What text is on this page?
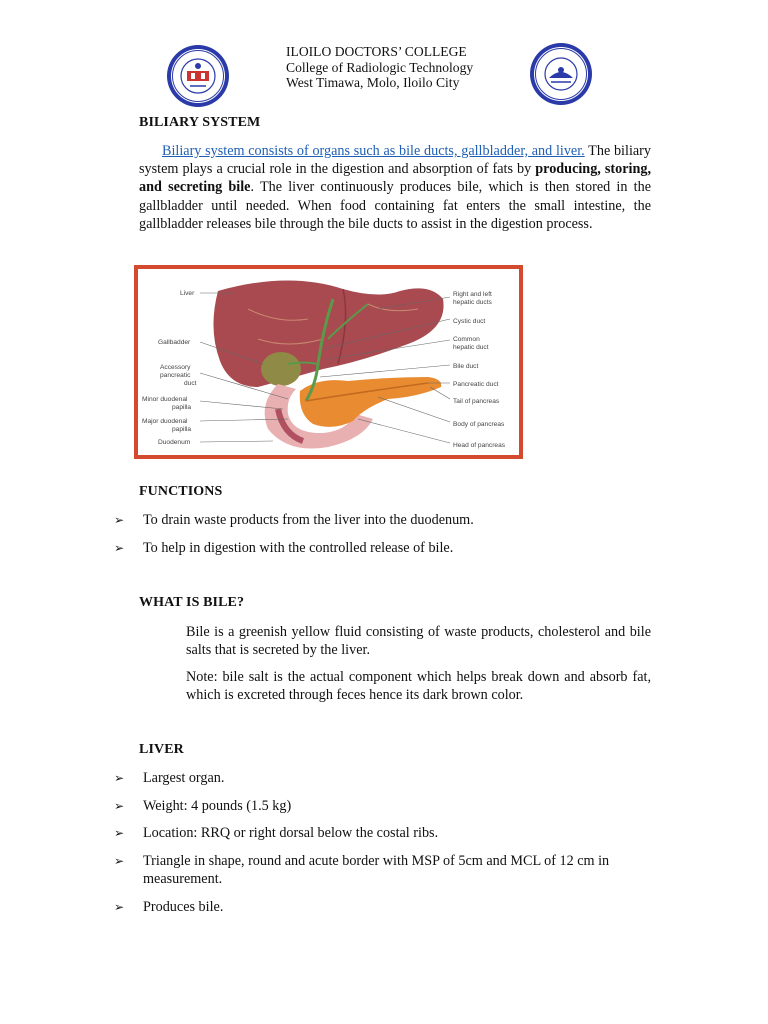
ILOILO DOCTORS’ COLLEGE
College of Radiologic Technology
West Timawa, Molo, Iloilo City
BILIARY SYSTEM
Biliary system consists of organs such as bile ducts, gallbladder, and liver. The biliary system plays a crucial role in the digestion and absorption of fats by producing, storing, and secreting bile. The liver continuously produces bile, which is then stored in the gallbladder until needed. When food containing fat enters the small intestine, the gallbladder releases bile through the bile ducts to assist in the digestion process.
Liver
Gallbadder
Accessory
pancreatic
duct
Minor duodenal
papilla
Major duodenal
papilla
Duodenum
Right and left
hepatic ducts
Cystic duct
Common
hepatic duct
Bile duct
Pancreatic duct
Tail of pancreas
Body of pancreas
Head of pancreas
FUNCTIONS
➢ To drain waste products from the liver into the duodenum.
➢ To help in digestion with the controlled release of bile.
WHAT IS BILE?
Bile is a greenish yellow fluid consisting of waste products, cholesterol and bile salts that is secreted by the liver.
Note: bile salt is the actual component which helps break down and absorb fat, which is excreted through feces hence its dark brown color.
LIVER
➢ Largest organ.
➢ Weight: 4 pounds (1.5 kg)
➢ Location: RRQ or right dorsal below the costal ribs.
➢ Triangle in shape, round and acute border with MSP of 5cm and MCL of 12 cm in measurement.
➢ Produces bile.
